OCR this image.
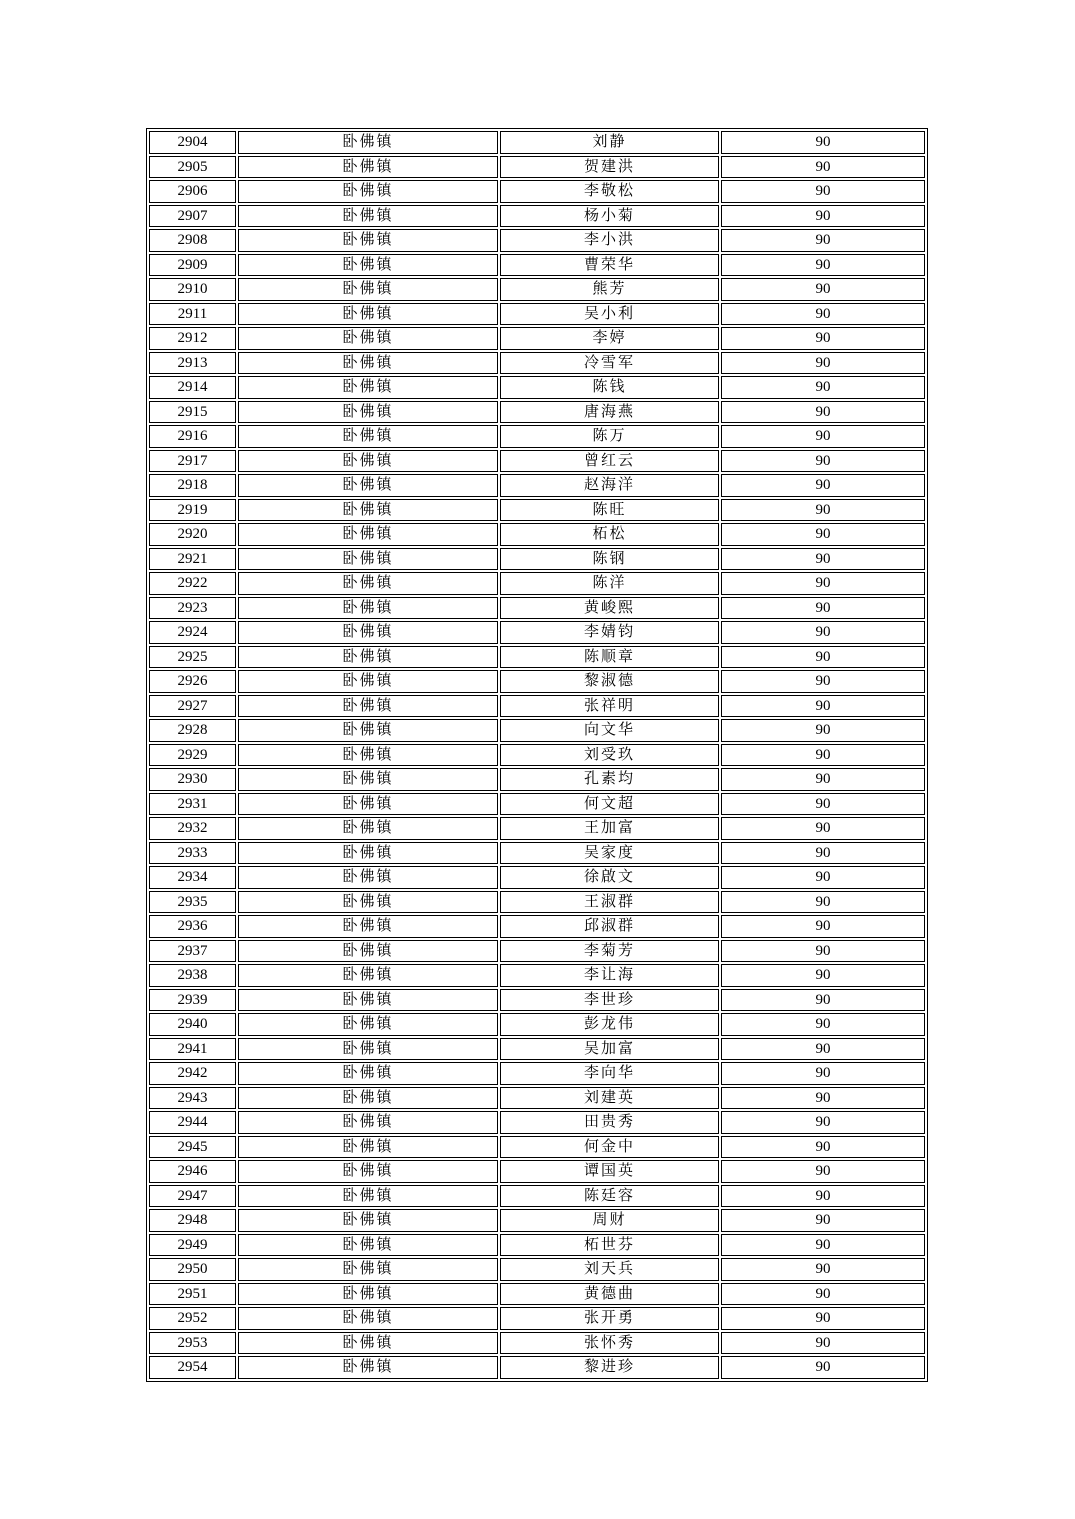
2904	卧佛镇	刘静	90
2905	卧佛镇	贺建洪	90
2906	卧佛镇	李敬松	90
2907	卧佛镇	杨小菊	90
2908	卧佛镇	李小洪	90
2909	卧佛镇	曹荣华	90
2910	卧佛镇	熊芳	90
2911	卧佛镇	吴小利	90
2912	卧佛镇	李婷	90
2913	卧佛镇	冷雪军	90
2914	卧佛镇	陈钱	90
2915	卧佛镇	唐海燕	90
2916	卧佛镇	陈万	90
2917	卧佛镇	曾红云	90
2918	卧佛镇	赵海洋	90
2919	卧佛镇	陈旺	90
2920	卧佛镇	柘松	90
2921	卧佛镇	陈钢	90
2922	卧佛镇	陈洋	90
2923	卧佛镇	黄峻熙	90
2924	卧佛镇	李婧钧	90
2925	卧佛镇	陈顺章	90
2926	卧佛镇	黎淑德	90
2927	卧佛镇	张祥明	90
2928	卧佛镇	向文华	90
2929	卧佛镇	刘受玖	90
2930	卧佛镇	孔素均	90
2931	卧佛镇	何文超	90
2932	卧佛镇	王加富	90
2933	卧佛镇	吴家度	90
2934	卧佛镇	徐啟文	90
2935	卧佛镇	王淑群	90
2936	卧佛镇	邱淑群	90
2937	卧佛镇	李菊芳	90
2938	卧佛镇	李让海	90
2939	卧佛镇	李世珍	90
2940	卧佛镇	彭龙伟	90
2941	卧佛镇	吴加富	90
2942	卧佛镇	李向华	90
2943	卧佛镇	刘建英	90
2944	卧佛镇	田贵秀	90
2945	卧佛镇	何金中	90
2946	卧佛镇	谭国英	90
2947	卧佛镇	陈廷容	90
2948	卧佛镇	周财	90
2949	卧佛镇	柘世芬	90
2950	卧佛镇	刘天兵	90
2951	卧佛镇	黄德曲	90
2952	卧佛镇	张开勇	90
2953	卧佛镇	张怀秀	90
2954	卧佛镇	黎进珍	90
